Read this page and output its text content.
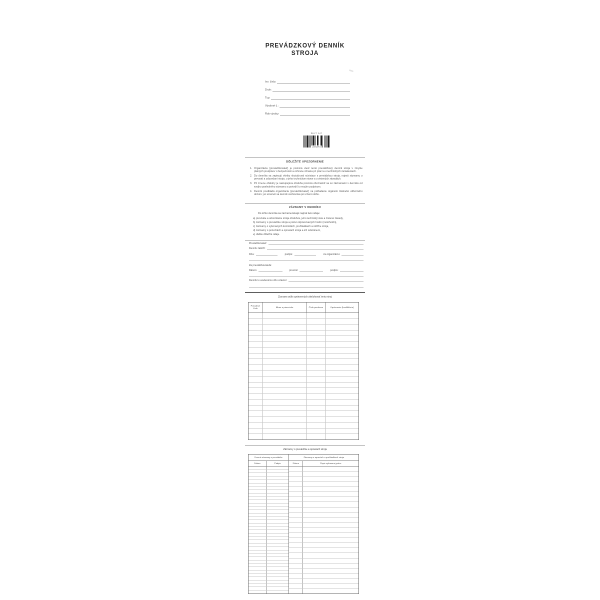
PREVÁDZKOVÝ DENNÍK
STROJA
Inv. číslo:
Druh:
Typ:
Výrobné č.:
Rok výroby:
ŠEVT 547
24 547 0
DÔLEŽITÉ UPOZORNENIE
1. Organizácia (prevádzkovateľ) je povinná viesť tento prevádzkový denník stroja v zmysle platných predpisov o bezpečnosti a ochrane zdravia pri práci a o technických zariadeniach.
2. Do denníka sa zapisujú všetky skutočnosti súvisiace s prevádzkou stroja, najmä záznamy o prevzatí a odovzdaní stroja, o jeho technickom stave a o zistených závadách.
3. Pri zmene obsluhy je nastupujúca obsluha povinná oboznámiť sa so záznamami v denníku od svojho posledného záznamu a potvrdiť to svojím podpisom.
4. Denník predkladá organizácia (prevádzkovateľ) na požiadanie orgánom štátneho odborného dozoru; po uzavretí sa denník uschováva po určenú dobu.
ZÁZNAMY V DENNÍKU
Do tohto denníka sa zaznamenávajú najmä tieto údaje:
a) prevzatie a odovzdanie stroja obsluhou, jeho technický stav a zistené závady,
b) záznamy o prevádzke stroja a počet odpracovaných hodín (motohodín),
c) záznamy o vykonaných kontrolách, prehliadkach a údržbe stroja,
d) záznamy o poruchách a opravách stroja a ich odstránení,
e) ďalšie dôležité údaje.
Prevádzkovateľ:
Denník založil:
Dňa:	podpis:	za organizáciu:
Za prevádzkovateľa:
Dátum:	prevzal:	podpis:
Denník k uvedenému dňu uzavrel:
Zoznam osôb oprávnených obsluhovať tento stroj
Poradové číslo	Meno a priezvisko	Číslo preukazu	Oprávnenie (kvalifikácia)
Záznamy o prevádzke a opravách stroja
Denné záznamy o prevádzke	Záznamy o opravách a prehliadkach stroja
Dátum	Podpis	Dátum	Popis vykonanej práce
